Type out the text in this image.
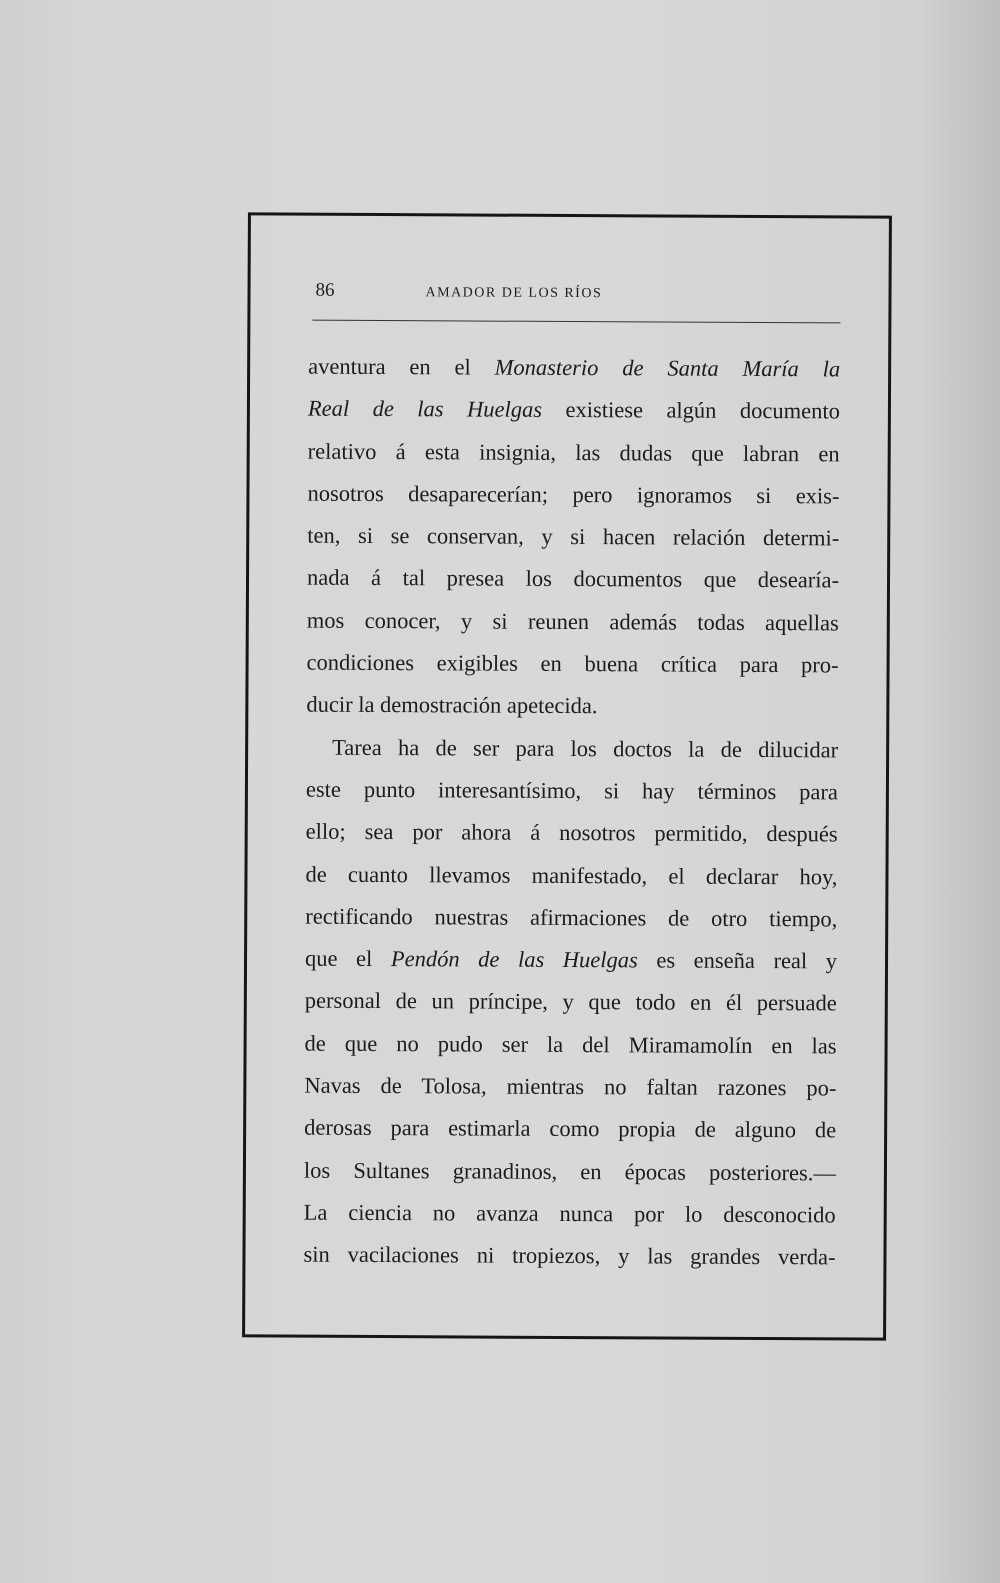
86	AMADOR DE LOS RÍOS
aventura en el Monasterio de Santa María la
Real de las Huelgas existiese algún documento
relativo á esta insignia, las dudas que labran en
nosotros desaparecerían; pero ignoramos si exis-
ten, si se conservan, y si hacen relación determi-
nada á tal presea los documentos que desearía-
mos conocer, y si reunen además todas aquellas
condiciones exigibles en buena crítica para pro-
ducir la demostración apetecida.
Tarea ha de ser para los doctos la de dilucidar
este punto interesantísimo, si hay términos para
ello; sea por ahora á nosotros permitido, después
de cuanto llevamos manifestado, el declarar hoy,
rectificando nuestras afirmaciones de otro tiempo,
que el Pendón de las Huelgas es enseña real y
personal de un príncipe, y que todo en él persuade
de que no pudo ser la del Miramamolín en las
Navas de Tolosa, mientras no faltan razones po-
derosas para estimarla como propia de alguno de
los Sultanes granadinos, en épocas posteriores.—
La ciencia no avanza nunca por lo desconocido
sin vacilaciones ni tropiezos, y las grandes verda-
